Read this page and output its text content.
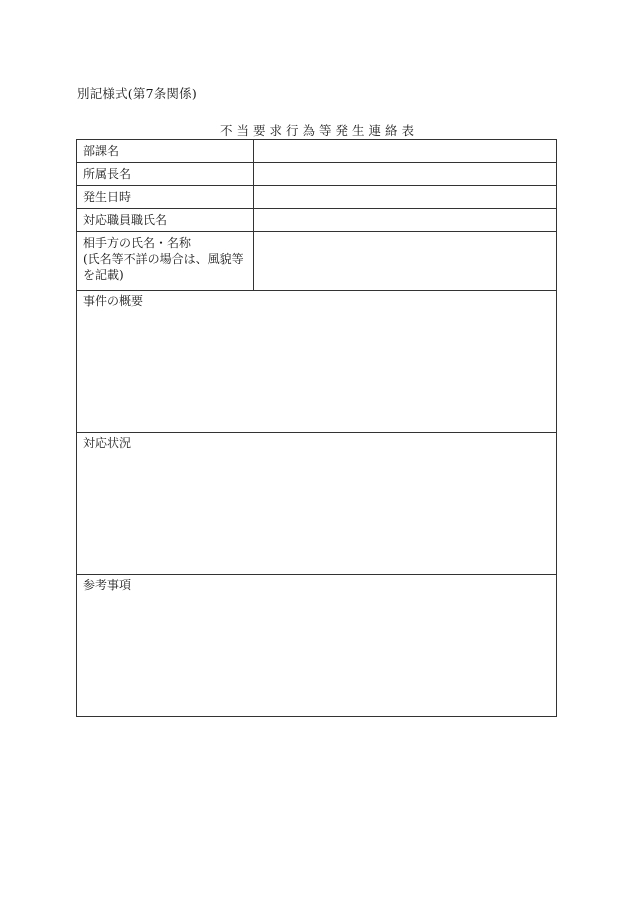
別記様式(第7条関係)
不当要求行為等発生連絡表
部課名	
所属長名	
発生日時	
対応職員職氏名	

相手方の氏名・名称
(氏名等不詳の場合は、風貌等
を記載)	

事件の概要	
対応状況	
参考事項	
